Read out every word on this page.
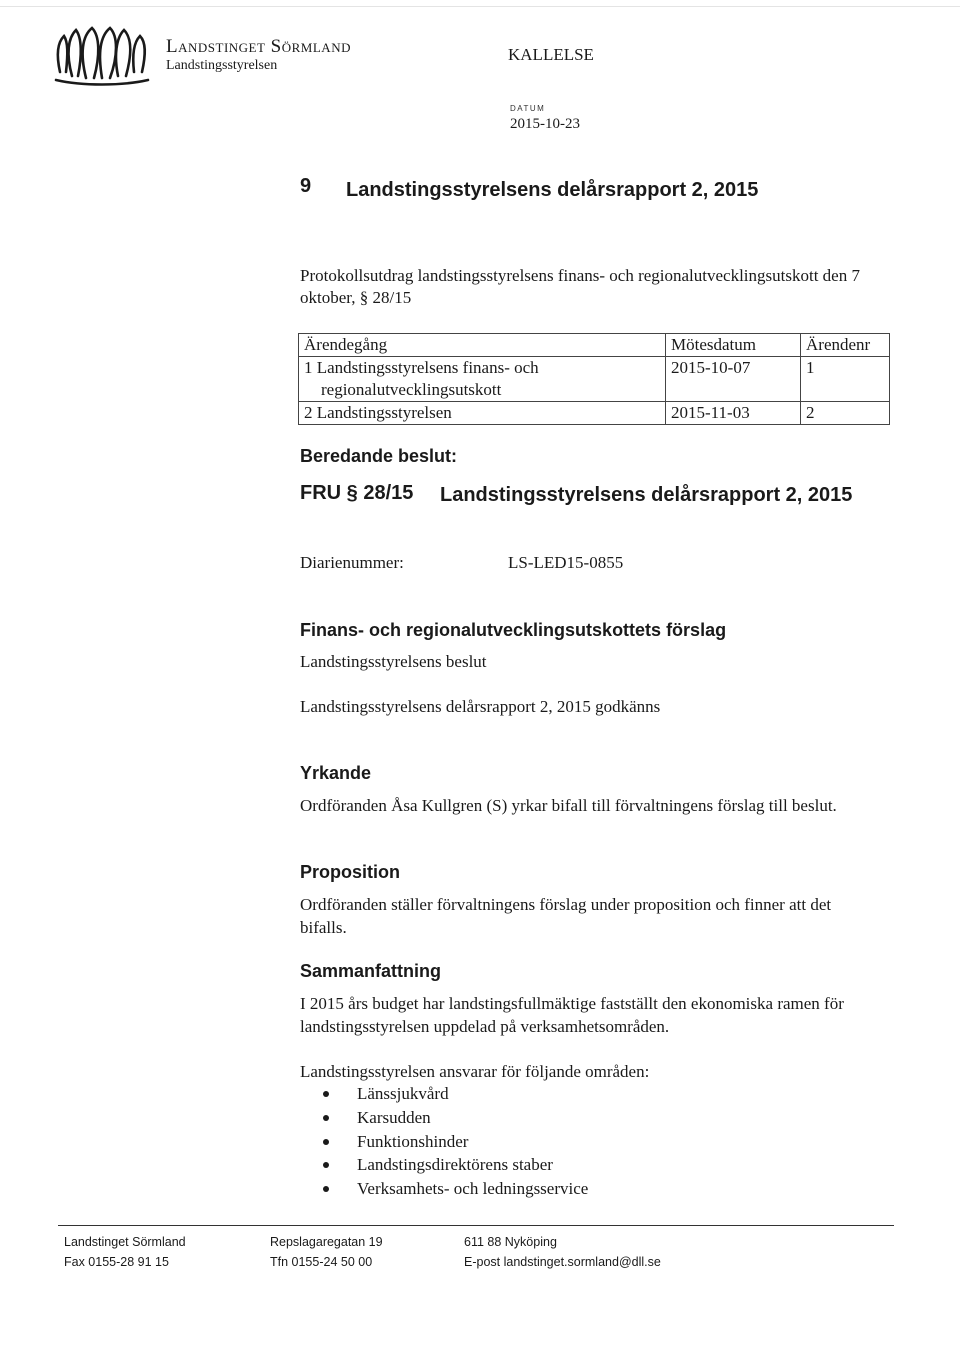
Landstinget Sörmland
Landstingsstyrelsen
KALLELSE
DATUM
2015-10-23
9 Landstingsstyrelsens delårsrapport 2, 2015
Protokollsutdrag landstingsstyrelsens finans- och regionalutvecklingsutskott den 7 oktober, § 28/15
Ärendegång	Mötesdatum	Ärendenr

1 Landstingsstyrelsens finans- och
regionalutvecklingsutskott	2015-10-07	1
2 Landstingsstyrelsen	2015-11-03	2
Beredande beslut:
FRU § 28/15 Landstingsstyrelsens delårsrapport 2, 2015
Diarienummer:	LS-LED15-0855
Finans- och regionalutvecklingsutskottets förslag
Landstingsstyrelsens beslut
Landstingsstyrelsens delårsrapport 2, 2015 godkänns
Yrkande
Ordföranden Åsa Kullgren (S) yrkar bifall till förvaltningens förslag till beslut.
Proposition
Ordföranden ställer förvaltningens förslag under proposition och finner att det bifalls.
Sammanfattning
I 2015 års budget har landstingsfullmäktige fastställt den ekonomiska ramen för landstingsstyrelsen uppdelad på verksamhetsområden.
Landstingsstyrelsen ansvarar för följande områden:
Länssjukvård
Karsudden
Funktionshinder
Landstingsdirektörens staber
Verksamhets- och ledningsservice
Landstinget Sörmland
Fax 0155-28 91 15
Repslagaregatan 19
Tfn 0155-24 50 00
611 88 Nyköping
E-post landstinget.sormland@dll.se
